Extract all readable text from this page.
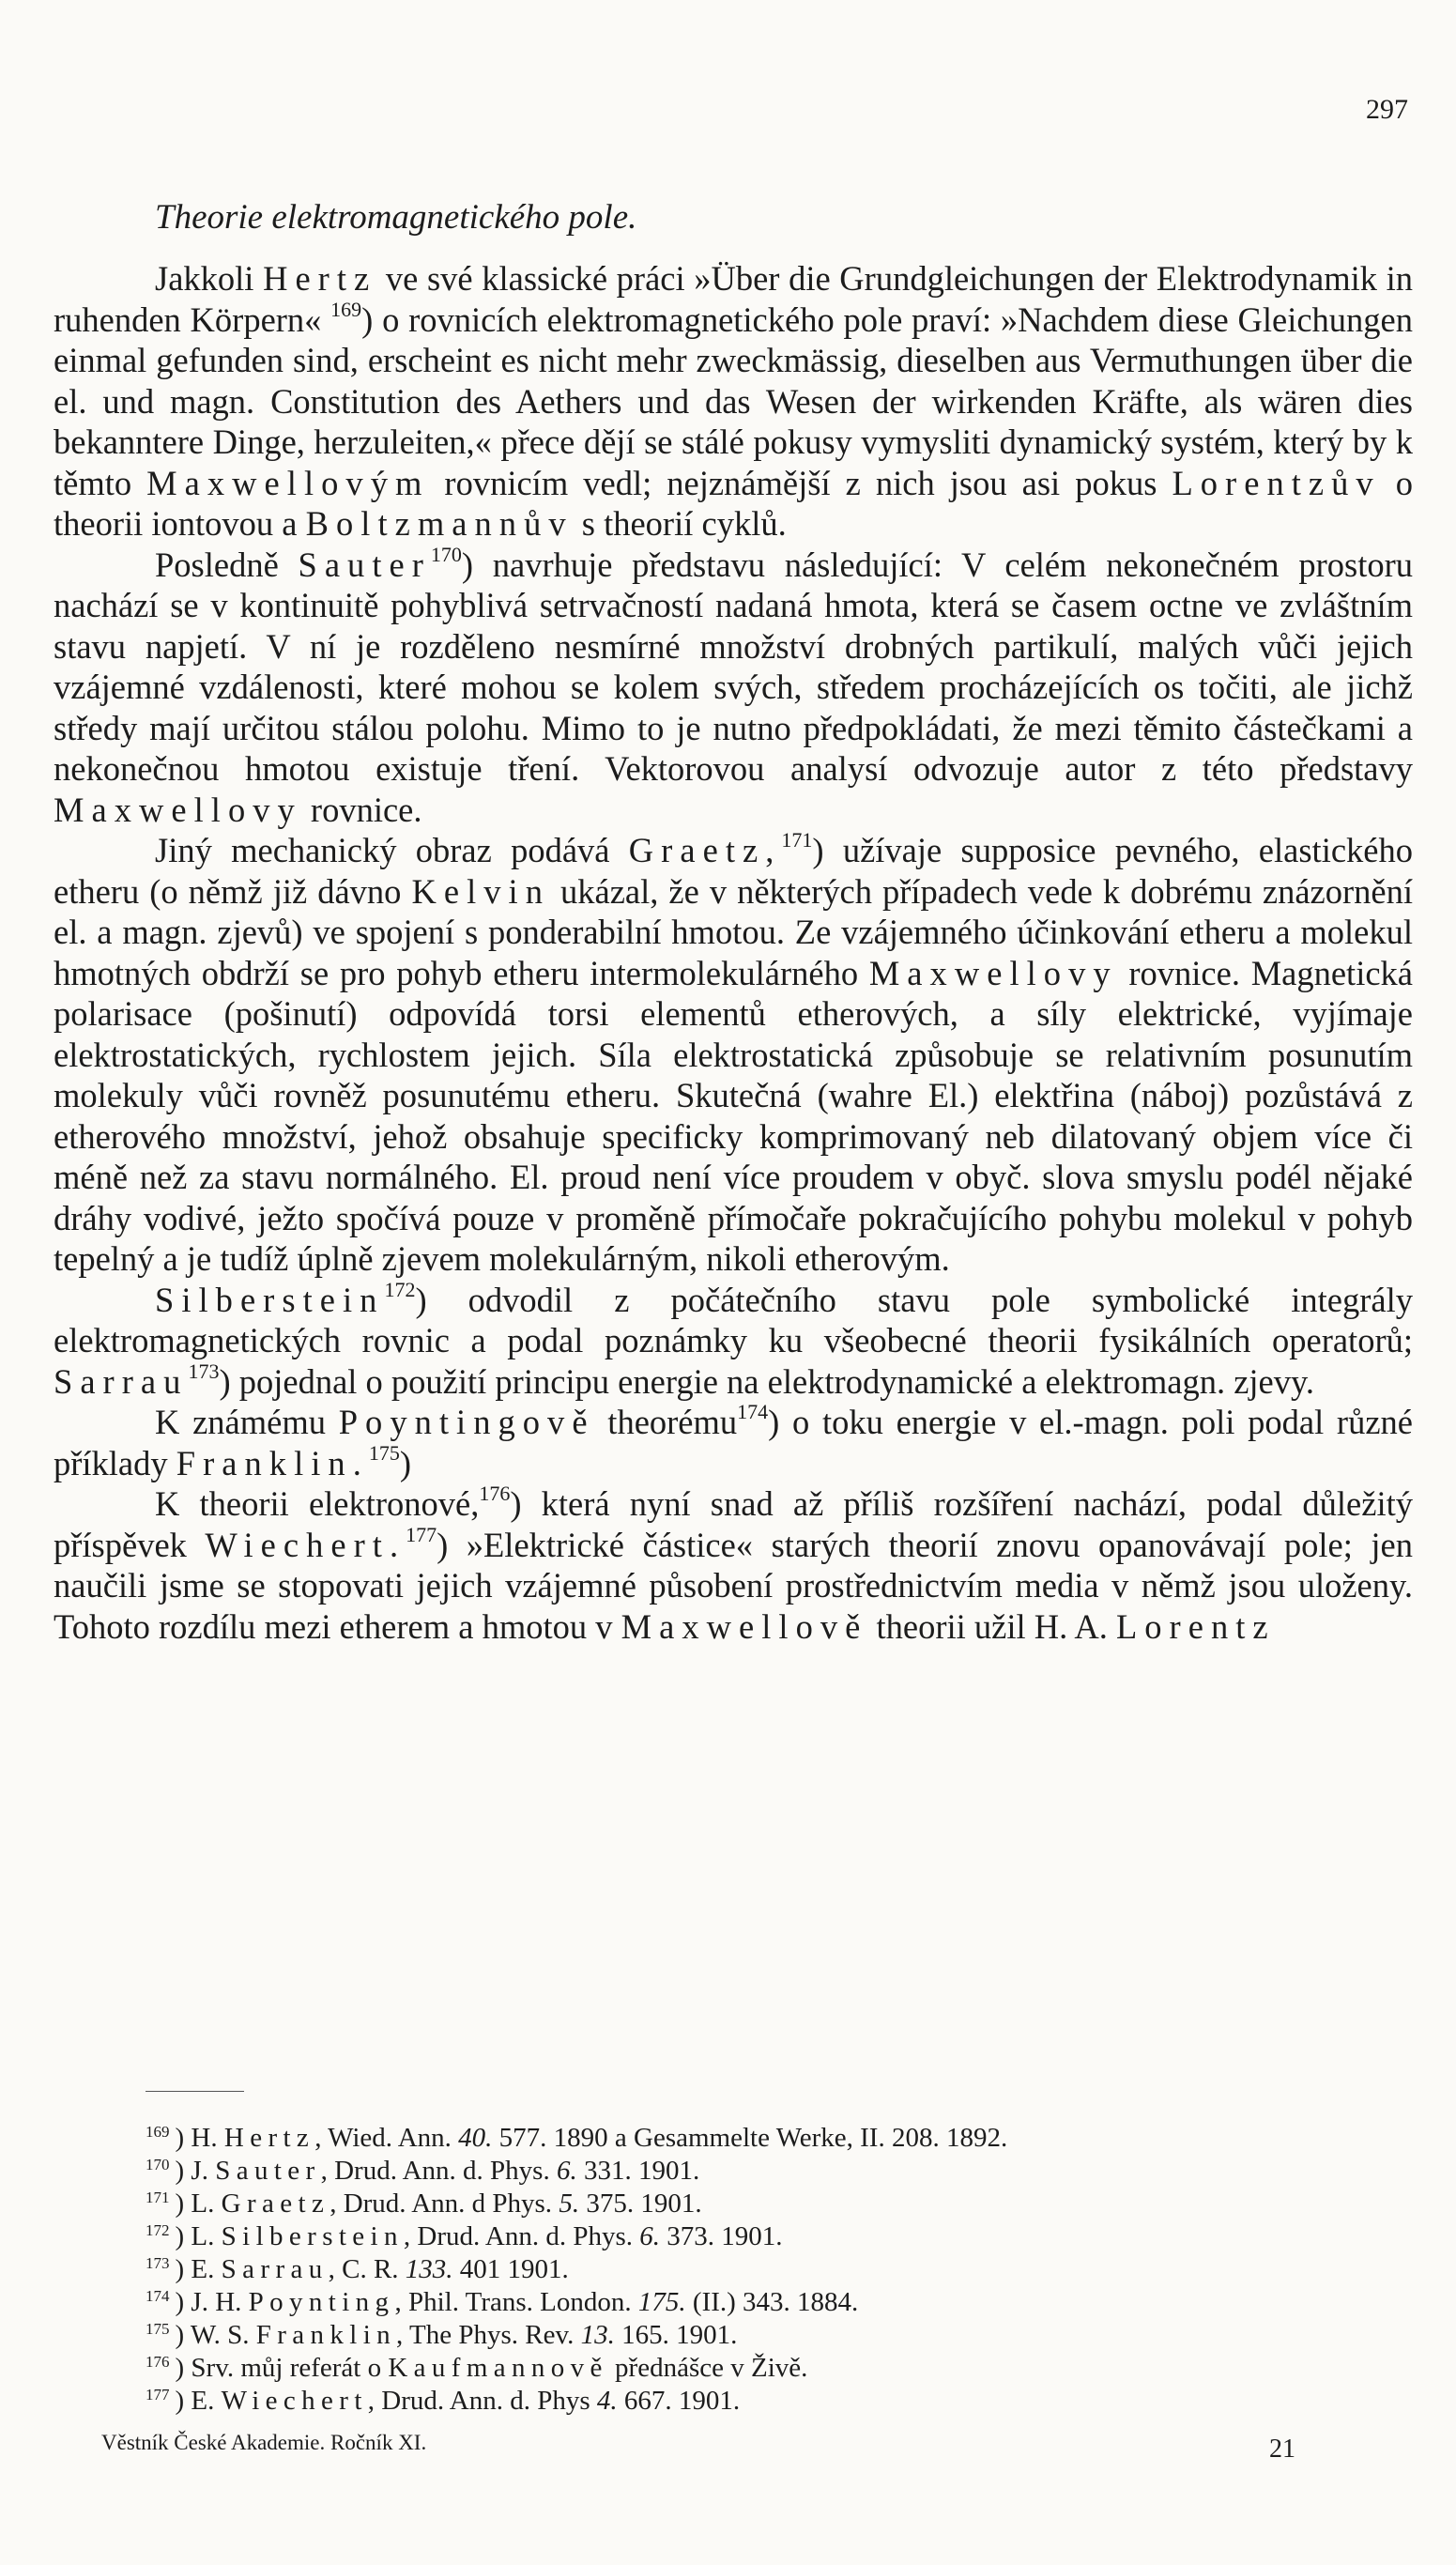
297
Theorie elektromagnetického pole.

Jakkoli Hertz ve své klassické práci »Über die Grundgleichungen der Elektrodynamik in ruhenden Körpern« $^{169}$) o rovnicích elektromagnetického pole praví: »Nachdem diese Gleichungen einmal gefunden sind, erscheint es nicht mehr zweckmässig, dieselben aus Vermuthungen über die el. und magn. Constitution des Aethers und das Wesen der wirkenden Kräfte, als wären dies bekanntere Dinge, herzuleiten,« přece dějí se stálé pokusy vymysliti dynamický systém, který by k těmto Maxwellovým rovnicím vedl; nejznámější z nich jsou asi pokus Lorentzův o theorii iontovou a Boltzmannův s theorií cyklů.

Posledně Sauter$^{170}$) navrhuje představu následující: V celém nekonečném prostoru nachází se v kontinuitě pohyblivá setrvačností nadaná hmota, která se časem octne ve zvláštním stavu napjetí. V ní je rozděleno nesmírné množství drobných partikulí, malých vůči jejich vzájemné vzdálenosti, které mohou se kolem svých, středem procházejících os točiti, ale jichž středy mají určitou stálou polohu. Mimo to je nutno předpokládati, že mezi těmito částečkami a nekonečnou hmotou existuje tření. Vektorovou analysí odvozuje autor z této představy Maxwellovy rovnice.

Jiný mechanický obraz podává Graetz,$^{171}$) užívaje supposice pevného, elastického etheru (o němž již dávno Kelvin ukázal, že v některých případech vede k dobrému znázornění el. a magn. zjevů) ve spojení s ponderabilní hmotou. Ze vzájemného účinkování etheru a molekul hmotných obdrží se pro pohyb etheru intermolekulárného Maxwellovy rovnice. Magnetická polarisace (pošinutí) odpovídá torsi elementů etherových, a síly elektrické, vyjímaje elektrostatických, rychlostem jejich. Síla elektrostatická způsobuje se relativním posunutím molekuly vůči rovněž posunutému etheru. Skutečná (wahre El.) elektřina (náboj) pozůstává z etherového množství, jehož obsahuje specificky komprimovaný neb dilatovaný objem více či méně než za stavu normálného. El. proud není více proudem v obyč. slova smyslu podél nějaké dráhy vodivé, ježto spočívá pouze v proměně přímočaře pokračujícího pohybu molekul v pohyb tepelný a je tudíž úplně zjevem molekulárným, nikoli etherovým.

Silberstein$^{172}$) odvodil z počátečního stavu pole symbolické integrály elektromagnetických rovnic a podal poznámky ku všeobecné theorii fysikálních operatorů; Sarrau$^{173}$) pojednal o použití principu energie na elektrodynamické a elektromagn. zjevy.

K známému Poyntingově theorému$^{174}$) o toku energie v el.-magn. poli podal různé příklady Franklin.$^{175}$)

K theorii elektronové,$^{176}$) která nyní snad až příliš rozšíření nachází, podal důležitý příspěvek Wiechert.$^{177}$) »Elektrické částice« starých theorií znovu opanovávají pole; jen naučili jsme se stopovati jejich vzájemné působení prostřednictvím media v němž jsou uloženy. Tohoto rozdílu mezi etherem a hmotou v Maxwellově theorii užil H. A. Lorentz

$^{169}$ ) H. Hertz, Wied. Ann. 40. 577. 1890 a Gesammelte Werke, II. 208. 1892.
$^{170}$ ) J. Sauter, Drud. Ann. d. Phys. 6. 331. 1901.
$^{171}$ ) L. Graetz, Drud. Ann. d Phys. 5. 375. 1901.
$^{172}$ ) L. Silberstein, Drud. Ann. d. Phys. 6. 373. 1901.
$^{173}$ ) E. Sarrau, C. R. 133. 401 1901.
$^{174}$ ) J. H. Poynting, Phil. Trans. London. 175. (II.) 343. 1884.
$^{175}$ ) W. S. Franklin, The Phys. Rev. 13. 165. 1901.
$^{176}$ ) Srv. můj referát o Kaufmannově přednášce v Živě.
$^{177}$ ) E. Wiechert, Drud. Ann. d. Phys 4. 667. 1901.
Věstník České Akademie. Ročník XI.	21
